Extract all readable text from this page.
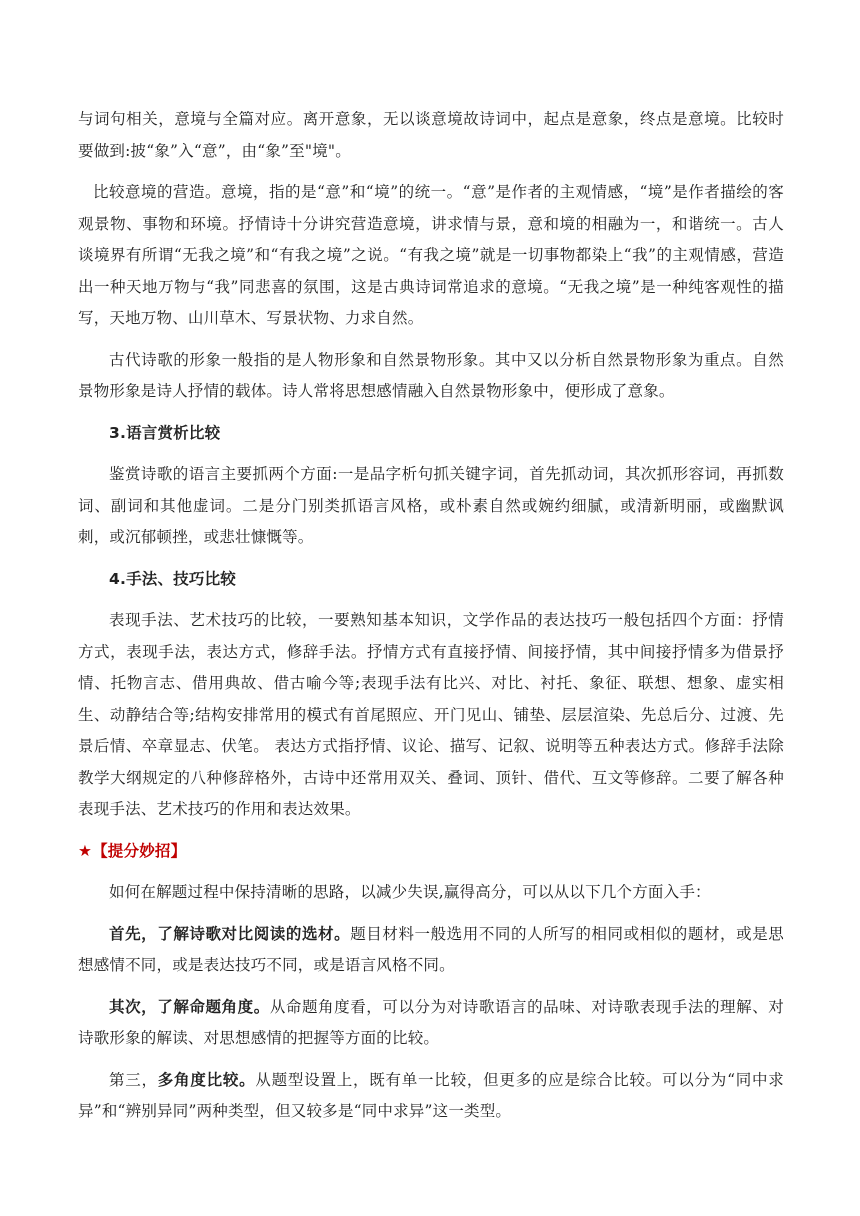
与词句相关，意境与全篇对应。离开意象，无以谈意境故诗词中，起点是意象，终点是意境。比较时要做到:披“象”入“意”，由“象”至"境"。

比较意境的营造。意境，指的是“意”和“境”的统一。“意”是作者的主观情感，“境”是作者描绘的客观景物、事物和环境。抒情诗十分讲究营造意境，讲求情与景，意和境的相融为一，和谐统一。古人谈境界有所谓“无我之境”和“有我之境”之说。“有我之境”就是一切事物都染上“我”的主观情感，营造出一种天地万物与“我”同悲喜的氛围，这是古典诗词常追求的意境。“无我之境”是一种纯客观性的描写，天地万物、山川草木、写景状物、力求自然。

古代诗歌的形象一般指的是人物形象和自然景物形象。其中又以分析自然景物形象为重点。自然景物形象是诗人抒情的载体。诗人常将思想感情融入自然景物形象中，便形成了意象。

3.语言赏析比较

鉴赏诗歌的语言主要抓两个方面:一是品字析句抓关键字词，首先抓动词，其次抓形容词，再抓数词、副词和其他虚词。二是分门别类抓语言风格，或朴素自然或婉约细腻，或清新明丽，或幽默讽刺，或沉郁顿挫，或悲壮慷慨等。

4.手法、技巧比较

表现手法、艺术技巧的比较，一要熟知基本知识，文学作品的表达技巧一般包括四个方面：抒情方式，表现手法，表达方式，修辞手法。抒情方式有直接抒情、间接抒情，其中间接抒情多为借景抒情、托物言志、借用典故、借古喻今等;表现手法有比兴、对比、衬托、象征、联想、想象、虚实相生、动静结合等;结构安排常用的模式有首尾照应、开门见山、铺垫、层层渲染、先总后分、过渡、先景后情、卒章显志、伏笔。 表达方式指抒情、议论、描写、记叙、说明等五种表达方式。修辞手法除教学大纲规定的八种修辞格外，古诗中还常用双关、叠词、顶针、借代、互文等修辞。二要了解各种表现手法、艺术技巧的作用和表达效果。

★【提分妙招】

如何在解题过程中保持清晰的思路，以减少失误,赢得高分，可以从以下几个方面入手：

首先，了解诗歌对比阅读的选材。题目材料一般选用不同的人所写的相同或相似的题材，或是思想感情不同，或是表达技巧不同，或是语言风格不同。

其次，了解命题角度。从命题角度看，可以分为对诗歌语言的品味、对诗歌表现手法的理解、对诗歌形象的解读、对思想感情的把握等方面的比较。

第三，多角度比较。从题型设置上，既有单一比较，但更多的应是综合比较。可以分为“同中求异”和“辨别异同”两种类型，但又较多是“同中求异”这一类型。
